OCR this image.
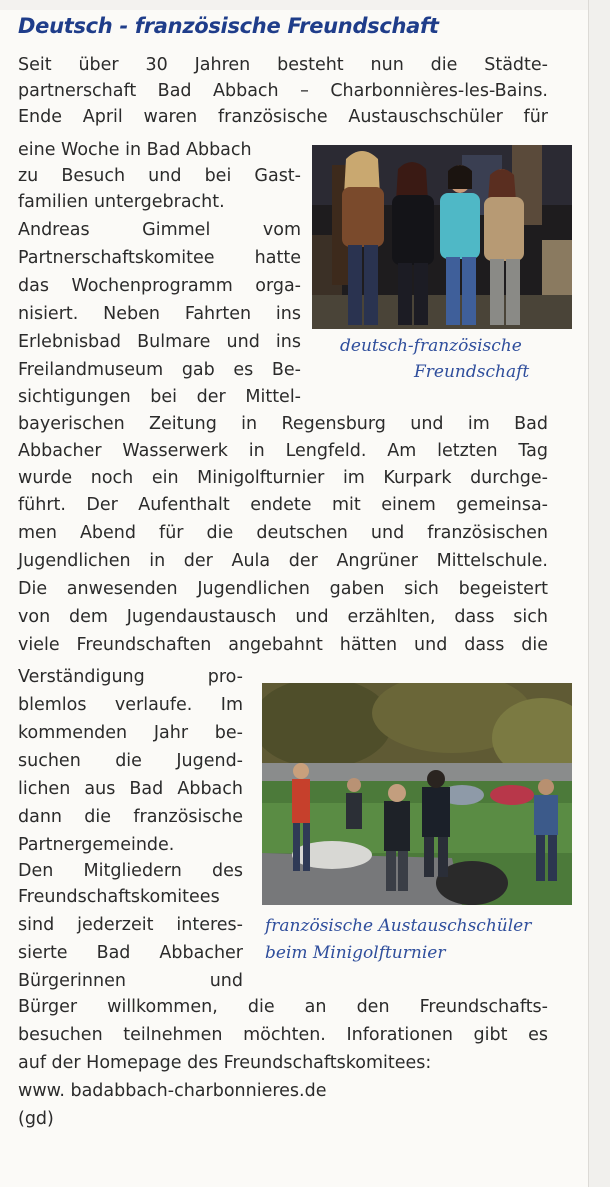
Deutsch - französische Freundschaft
Seit über 30 Jahren besteht nun die Städte-
partnerschaft Bad Abbach – Charbonnières-les-Bains.
Ende April waren französische Austauschschüler für
eine Woche in Bad Abbach
zu Besuch und bei Gast-
familien untergebracht.
Andreas Gimmel vom
Partnerschaftskomitee hatte
das Wochenprogramm orga-
nisiert. Neben Fahrten ins
Erlebnisbad Bulmare und ins
Freilandmuseum gab es Be-
sichtigungen bei der Mittel-
deutsch-französische
Freundschaft
bayerischen Zeitung in Regensburg und im Bad
Abbacher Wasserwerk in Lengfeld. Am letzten Tag
wurde noch ein Minigolfturnier im Kurpark durchge-
führt. Der Aufenthalt endete mit einem gemeinsa-
men Abend für die deutschen und französischen
Jugendlichen in der Aula der Angrüner Mittelschule.
Die anwesenden Jugendlichen gaben sich begeistert
von dem Jugendaustausch und erzählten, dass sich
viele Freundschaften angebahnt hätten und dass die
Verständigung pro-
blemlos verlaufe. Im
kommenden Jahr be-
suchen die Jugend-
lichen aus Bad Abbach
dann die französische
Partnergemeinde.
Den Mitgliedern des
Freundschaftskomitees
sind jederzeit interes-
sierte Bad Abbacher
Bürgerinnen und
französische Austauschschüler
beim Minigolfturnier
Bürger willkommen, die an den Freundschafts-
besuchen teilnehmen möchten. Inforationen gibt es
auf der Homepage des Freundschaftskomitees:
www. badabbach-charbonnieres.de
(gd)
